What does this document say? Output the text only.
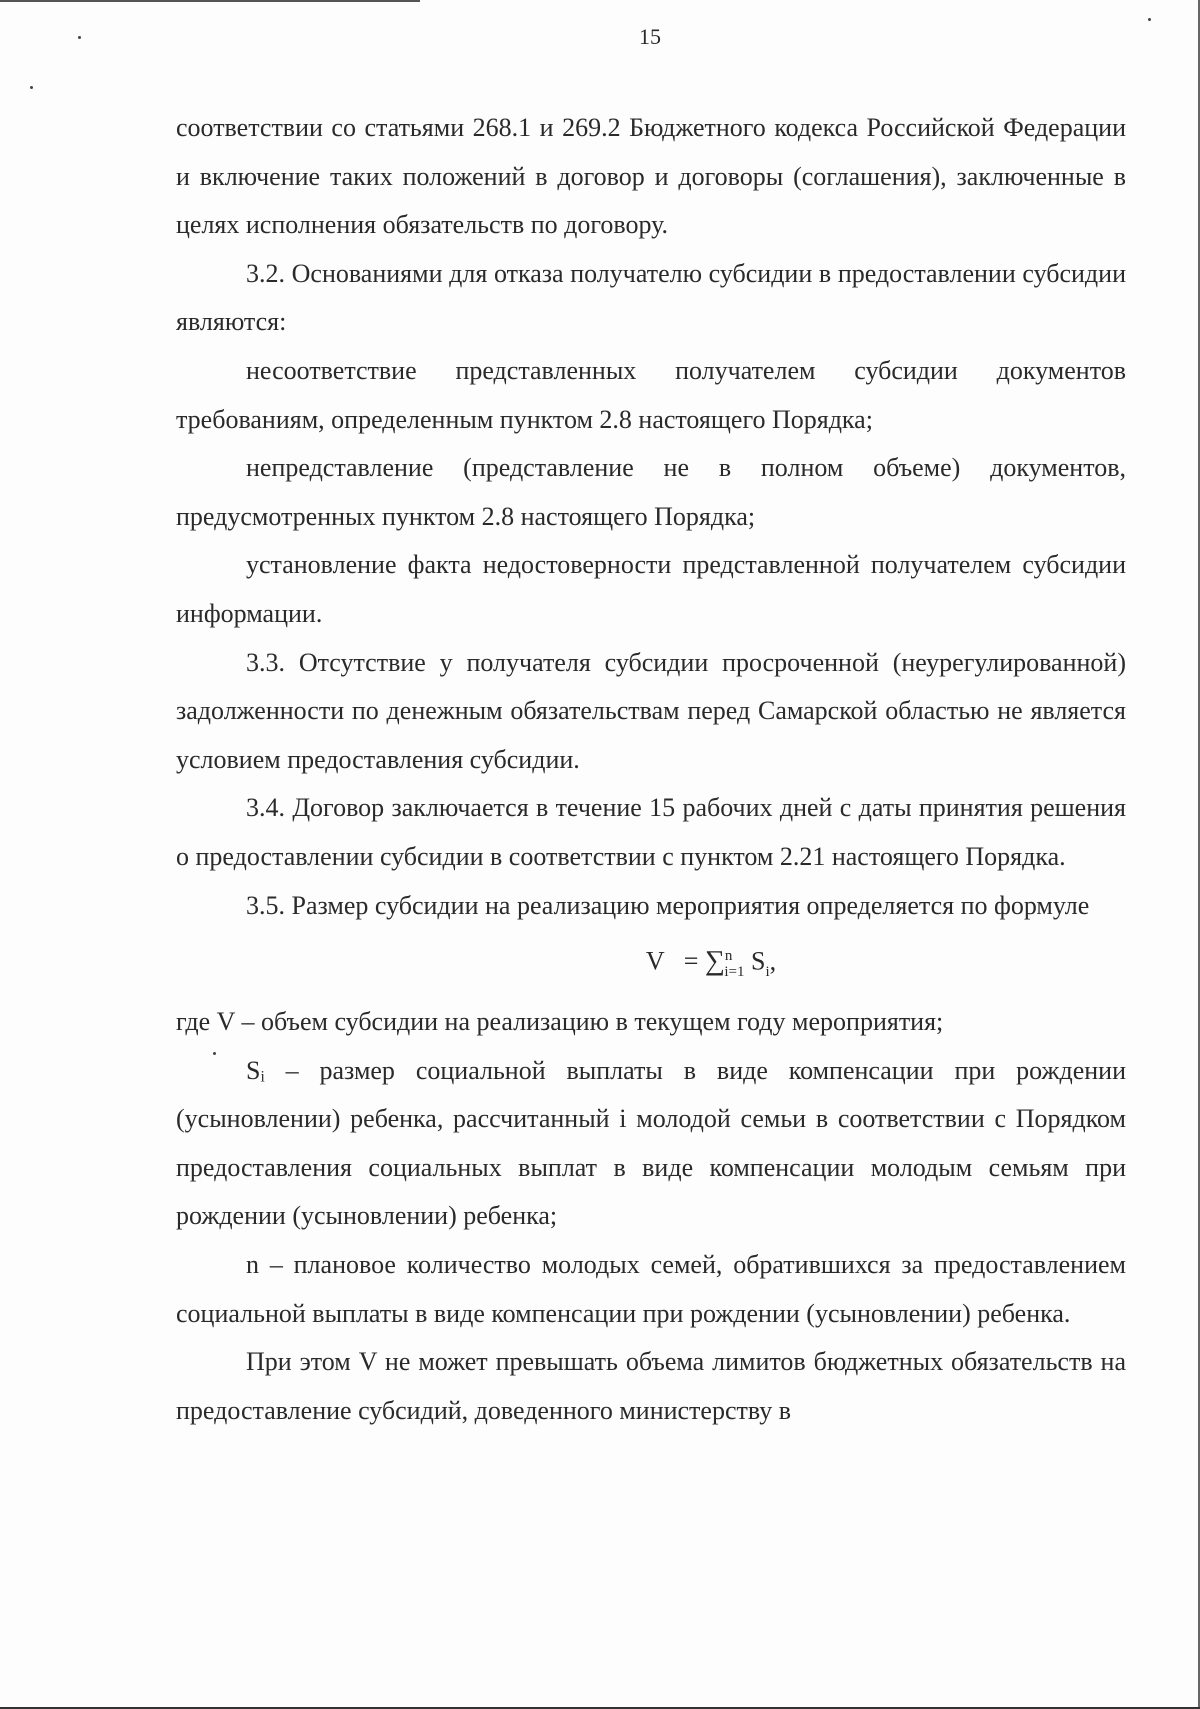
15

соответствии со статьями 268.1 и 269.2 Бюджетного кодекса Российской Федерации и включение таких положений в договор и договоры (соглашения), заключенные в целях исполнения обязательств по договору.

3.2. Основаниями для отказа получателю субсидии в предоставлении субсидии являются:

несоответствие представленных получателем субсидии документов требованиям, определенным пунктом 2.8 настоящего Порядка;

непредставление (представление не в полном объеме) документов, предусмотренных пунктом 2.8 настоящего Порядка;

установление факта недостоверности представленной получателем субсидии информации.

3.3. Отсутствие у получателя субсидии просроченной (неурегулированной) задолженности по денежным обязательствам перед Самарской областью не является условием предоставления субсидии.

3.4. Договор заключается в течение 15 рабочих дней с даты принятия решения о предоставлении субсидии в соответствии с пунктом 2.21 настоящего Порядка.

3.5. Размер субсидии на реализацию мероприятия определяется по формуле

V = ∑$^n_{i=1}$ $S_i$,

где V – объем субсидии на реализацию в текущем году мероприятия;

Sᵢ – размер социальной выплаты в виде компенсации при рождении (усыновлении) ребенка, рассчитанный i молодой семьи в соответствии с Порядком предоставления социальных выплат в виде компенсации молодым семьям при рождении (усыновлении) ребенка;

n – плановое количество молодых семей, обратившихся за предоставлением социальной выплаты в виде компенсации при рождении (усыновлении) ребенка.

При этом V не может превышать объема лимитов бюджетных обязательств на предоставление субсидий, доведенного министерству в
